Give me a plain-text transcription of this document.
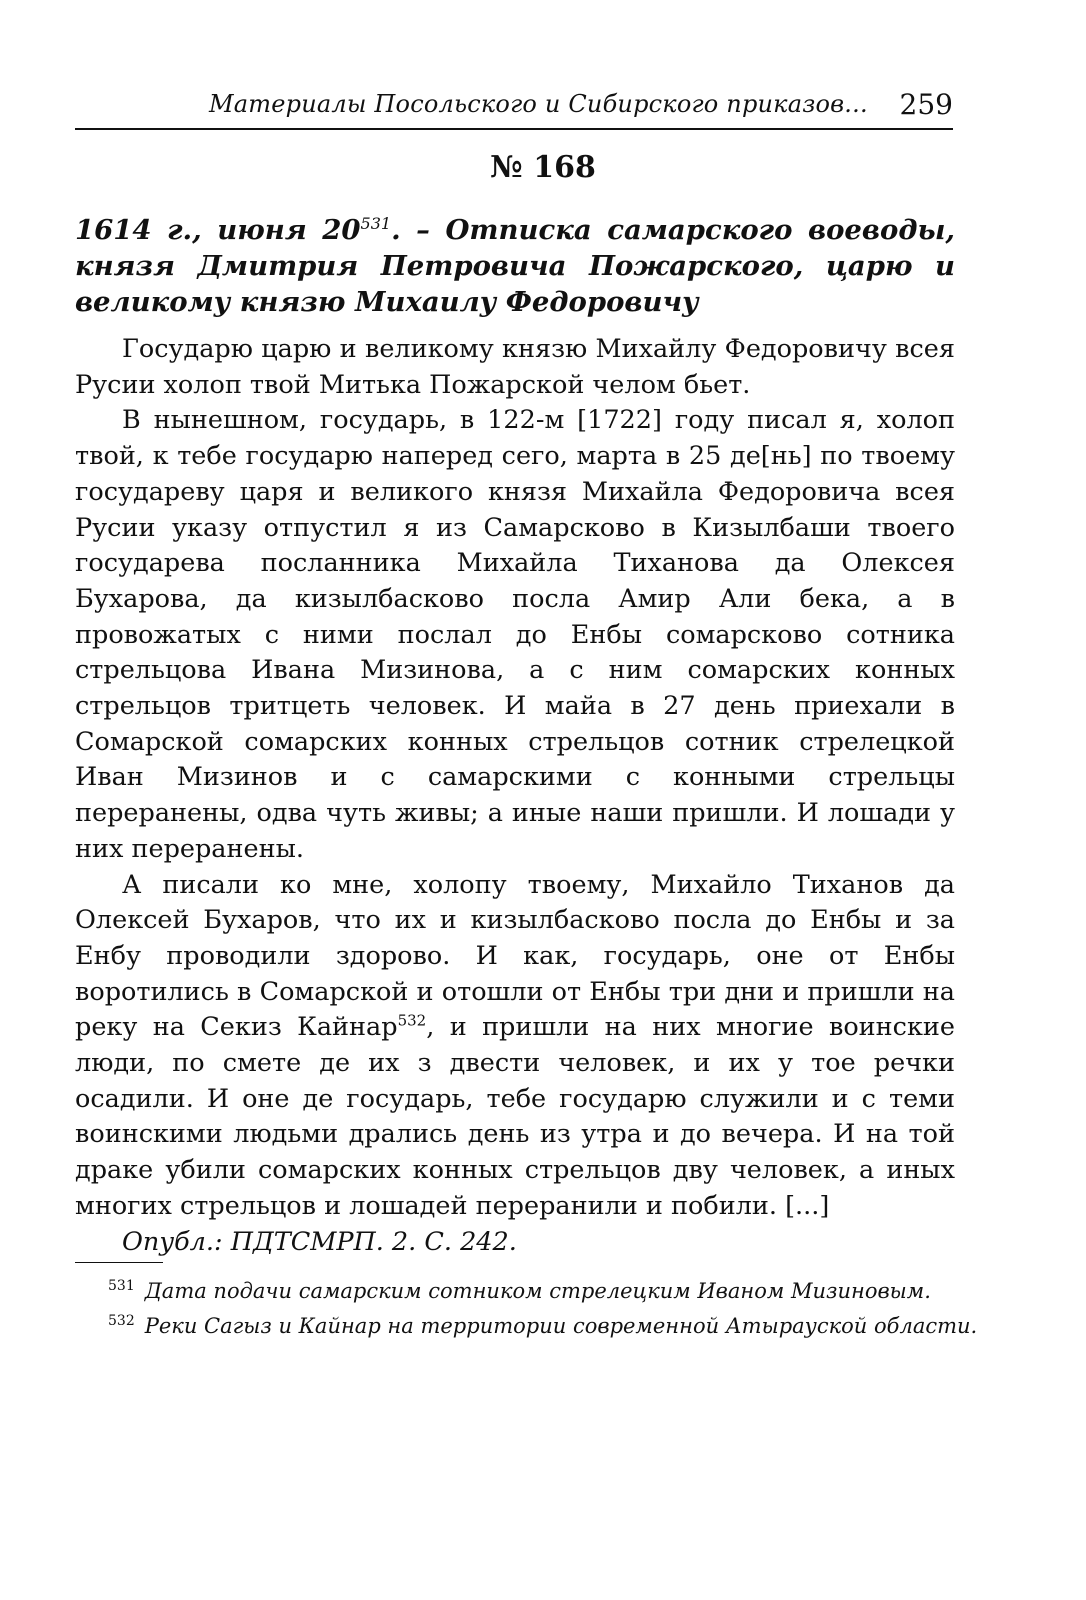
Материалы Посольского и Сибирского приказов... 259
№ 168
1614 г., июня $20^{531}$. – Отписка самарского воеводы, князя Дмитрия Петровича Пожарского, царю и великому князю Михаилу Федоровичу

Государю царю и великому князю Михайлу Федоровичу всея Русии холоп твой Митька Пожарской челом бьет.

В нынешном, государь, в 122-м [1722] году писал я, холоп твой, к тебе государю наперед сего, марта в 25 де[нь] по твоему государеву царя и великого князя Михайла Федоровича всея Русии указу отпустил я из Самарсково в Кизылбаши твоего государева посланника Михайла Тиханова да Олексея Бухарова, да кизылбасково посла Амир Али бека, а в провожатых с ними послал до Енбы сомарсково сотника стрельцова Ивана Мизинова, а с ним сомарских конных стрельцов тритцеть человек. И майа в 27 день приехали в Сомарской сомарских конных стрельцов сотник стрелецкой Иван Мизинов и с самарскими с конными стрельцы переранены, одва чуть живы; а иные наши пришли. И лошади у них переранены.

А писали ко мне, холопу твоему, Михайло Тиханов да Олексей Бухаров, что их и кизылбасково посла до Енбы и за Енбу проводили здорово. И как, государь, оне от Енбы воротились в Сомарской и отошли от Енбы три дни и пришли на реку на Секиз Кайнар$^{532}$, и пришли на них многие воинские люди, по смете де их з двести человек, и их у тое речки осадили. И оне де государь, тебе государю служили и с теми воинскими людьми дрались день из утра и до вечера. И на той драке убили сомарских конных стрельцов дву человек, а иных многих стрельцов и лошадей переранили и побили. [...]

Опубл.: ПДТСМРП. 2. С. 242.

$^{531}$ Дата подачи самарским сотником стрелецким Иваном Мизиновым.
$^{532}$ Реки Сагыз и Кайнар на территории современной Атырауской области.
